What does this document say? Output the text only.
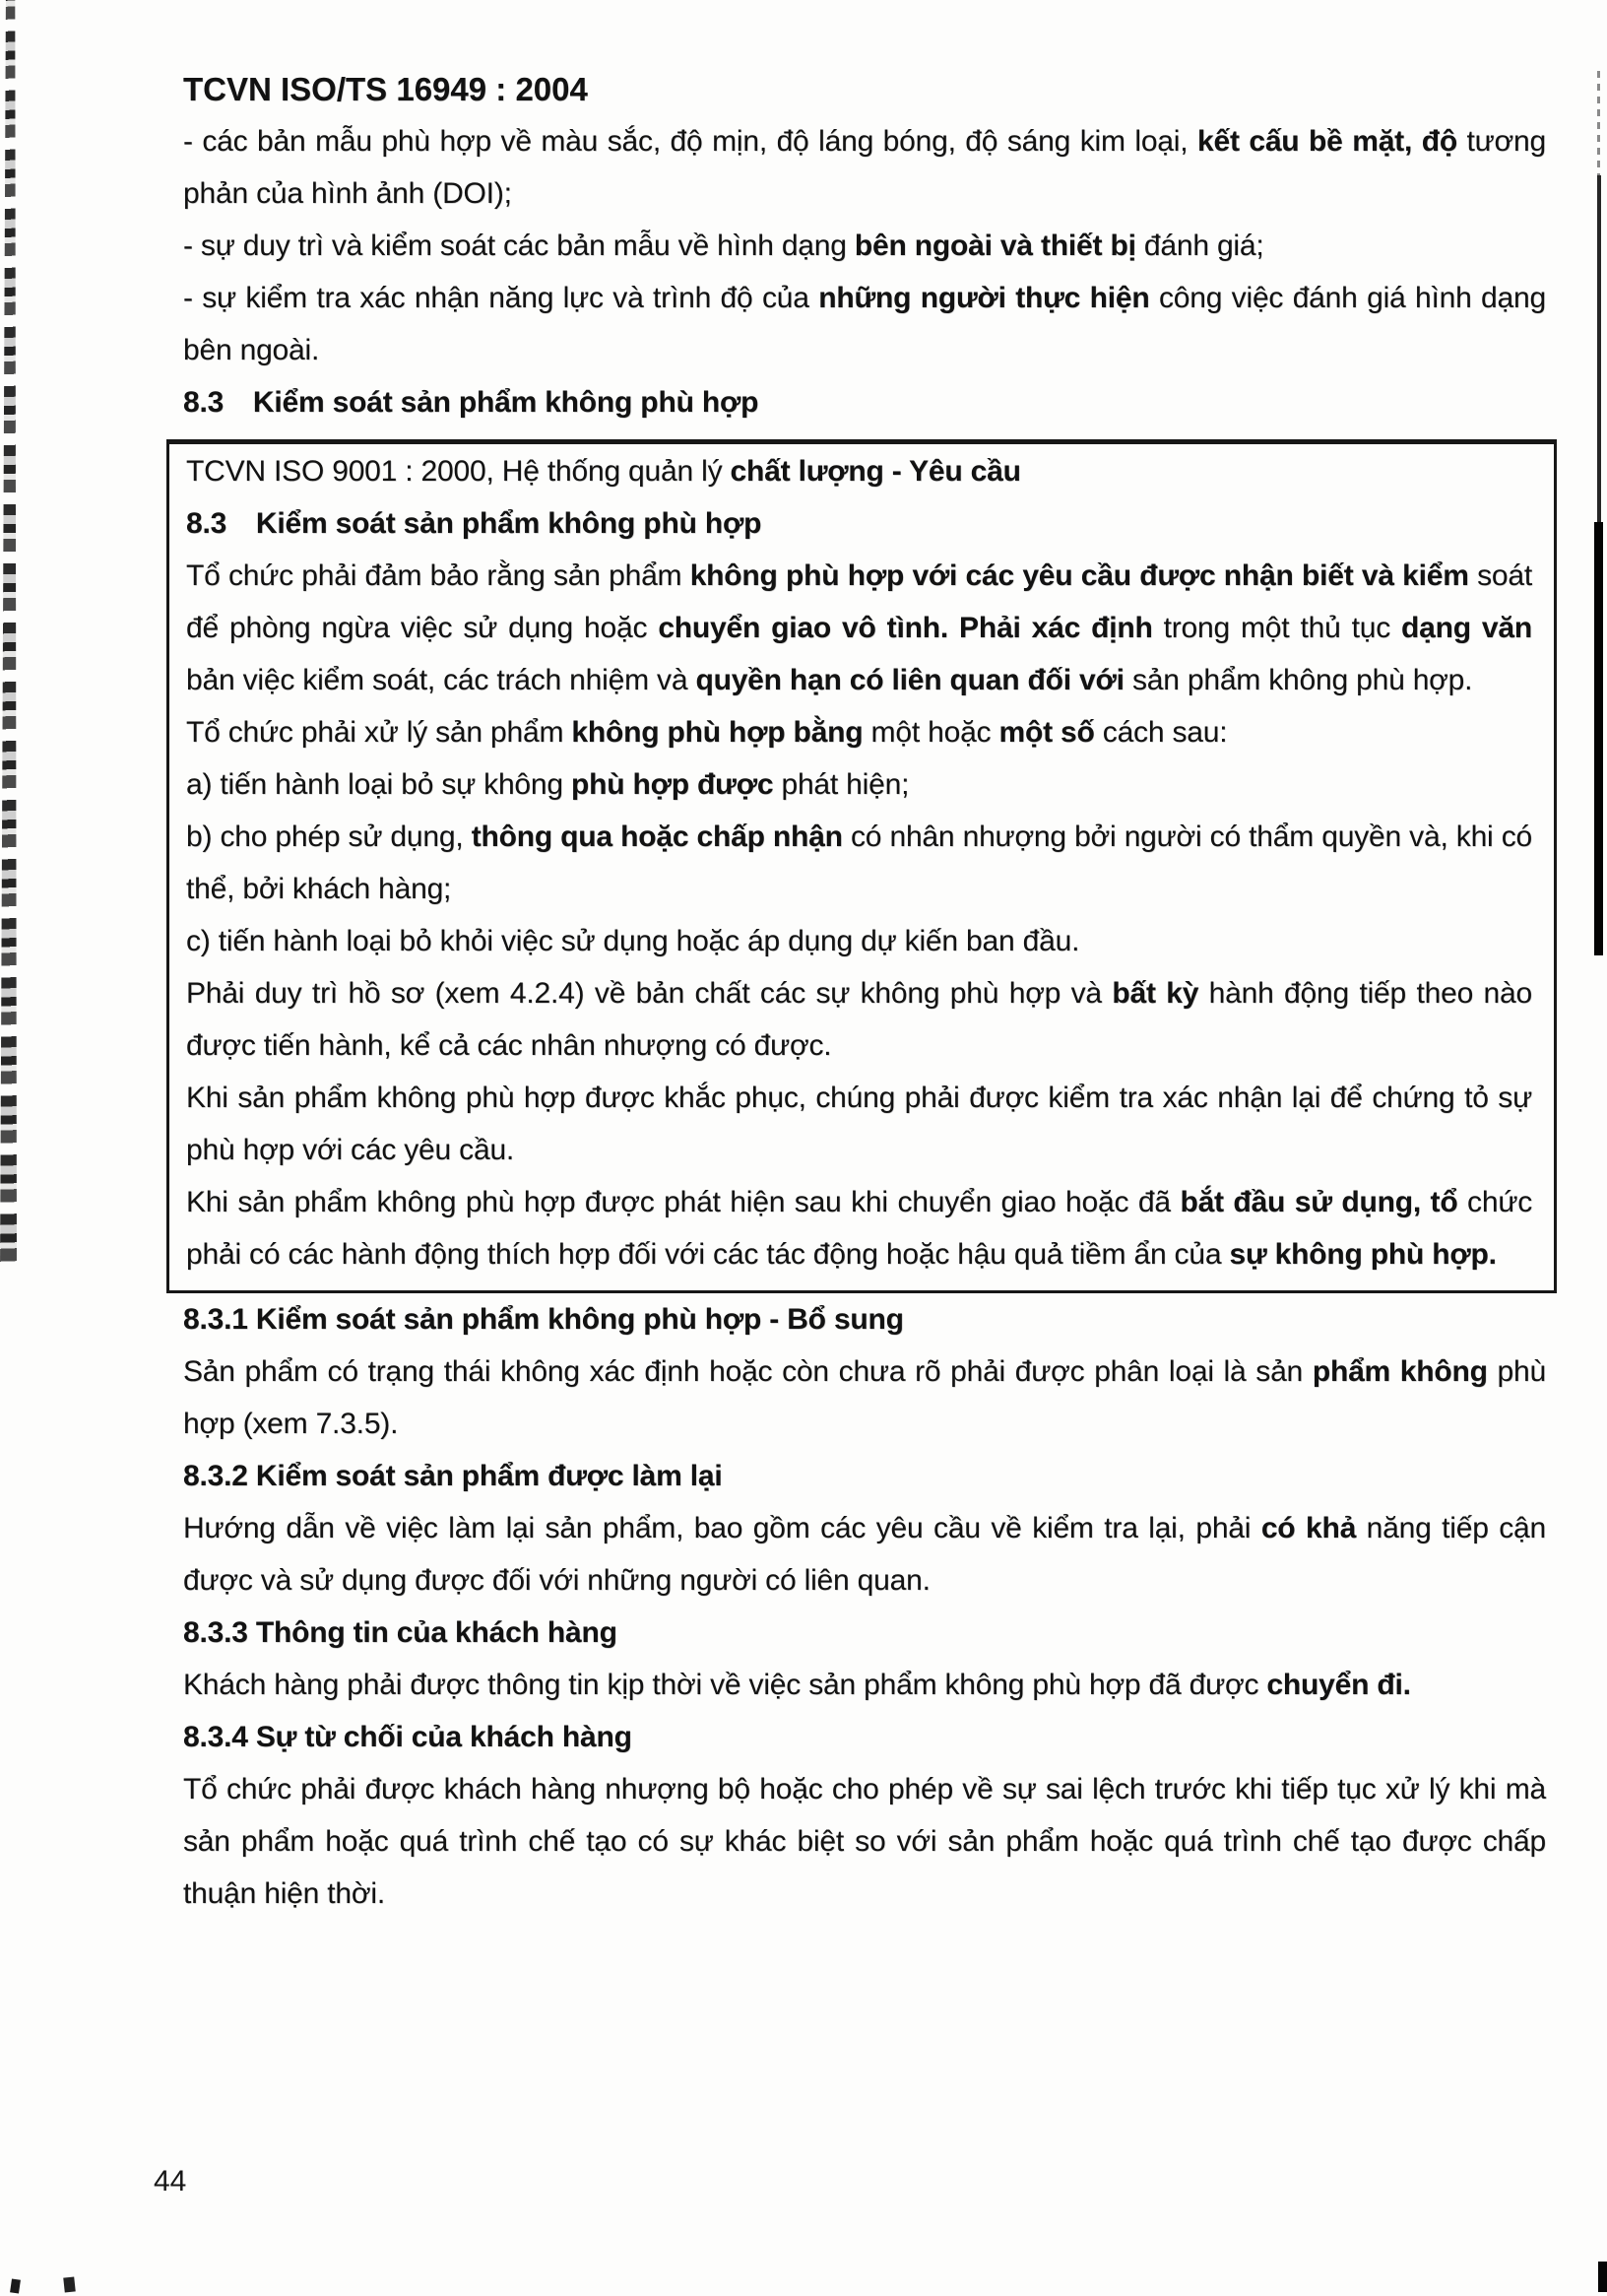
TCVN ISO/TS 16949 : 2004

- các bản mẫu phù hợp về màu sắc, độ mịn, độ láng bóng, độ sáng kim loại, kết cấu bề mặt, độ tương phản của hình ảnh (DOI);

- sự duy trì và kiểm soát các bản mẫu về hình dạng bên ngoài và thiết bị đánh giá;

- sự kiểm tra xác nhận năng lực và trình độ của những người thực hiện công việc đánh giá hình dạng bên ngoài.

8.3 Kiểm soát sản phẩm không phù hợp

TCVN ISO 9001 : 2000, Hệ thống quản lý chất lượng - Yêu cầu

8.3 Kiểm soát sản phẩm không phù hợp

Tổ chức phải đảm bảo rằng sản phẩm không phù hợp với các yêu cầu được nhận biết và kiểm soát để phòng ngừa việc sử dụng hoặc chuyển giao vô tình. Phải xác định trong một thủ tục dạng văn bản việc kiểm soát, các trách nhiệm và quyền hạn có liên quan đối với sản phẩm không phù hợp.

Tổ chức phải xử lý sản phẩm không phù hợp bằng một hoặc một số cách sau:

a) tiến hành loại bỏ sự không phù hợp được phát hiện;

b) cho phép sử dụng, thông qua hoặc chấp nhận có nhân nhượng bởi người có thẩm quyền và, khi có thể, bởi khách hàng;

c) tiến hành loại bỏ khỏi việc sử dụng hoặc áp dụng dự kiến ban đầu.

Phải duy trì hồ sơ (xem 4.2.4) về bản chất các sự không phù hợp và bất kỳ hành động tiếp theo nào được tiến hành, kể cả các nhân nhượng có được.

Khi sản phẩm không phù hợp được khắc phục, chúng phải được kiểm tra xác nhận lại để chứng tỏ sự phù hợp với các yêu cầu.

Khi sản phẩm không phù hợp được phát hiện sau khi chuyển giao hoặc đã bắt đầu sử dụng, tổ chức phải có các hành động thích hợp đối với các tác động hoặc hậu quả tiềm ẩn của sự không phù hợp.

8.3.1 Kiểm soát sản phẩm không phù hợp - Bổ sung

Sản phẩm có trạng thái không xác định hoặc còn chưa rõ phải được phân loại là sản phẩm không phù hợp (xem 7.3.5).

8.3.2 Kiểm soát sản phẩm được làm lại

Hướng dẫn về việc làm lại sản phẩm, bao gồm các yêu cầu về kiểm tra lại, phải có khả năng tiếp cận được và sử dụng được đối với những người có liên quan.

8.3.3 Thông tin của khách hàng

Khách hàng phải được thông tin kịp thời về việc sản phẩm không phù hợp đã được chuyển đi.

8.3.4 Sự từ chối của khách hàng

Tổ chức phải được khách hàng nhượng bộ hoặc cho phép về sự sai lệch trước khi tiếp tục xử lý khi mà sản phẩm hoặc quá trình chế tạo có sự khác biệt so với sản phẩm hoặc quá trình chế tạo được chấp thuận hiện thời.

44
